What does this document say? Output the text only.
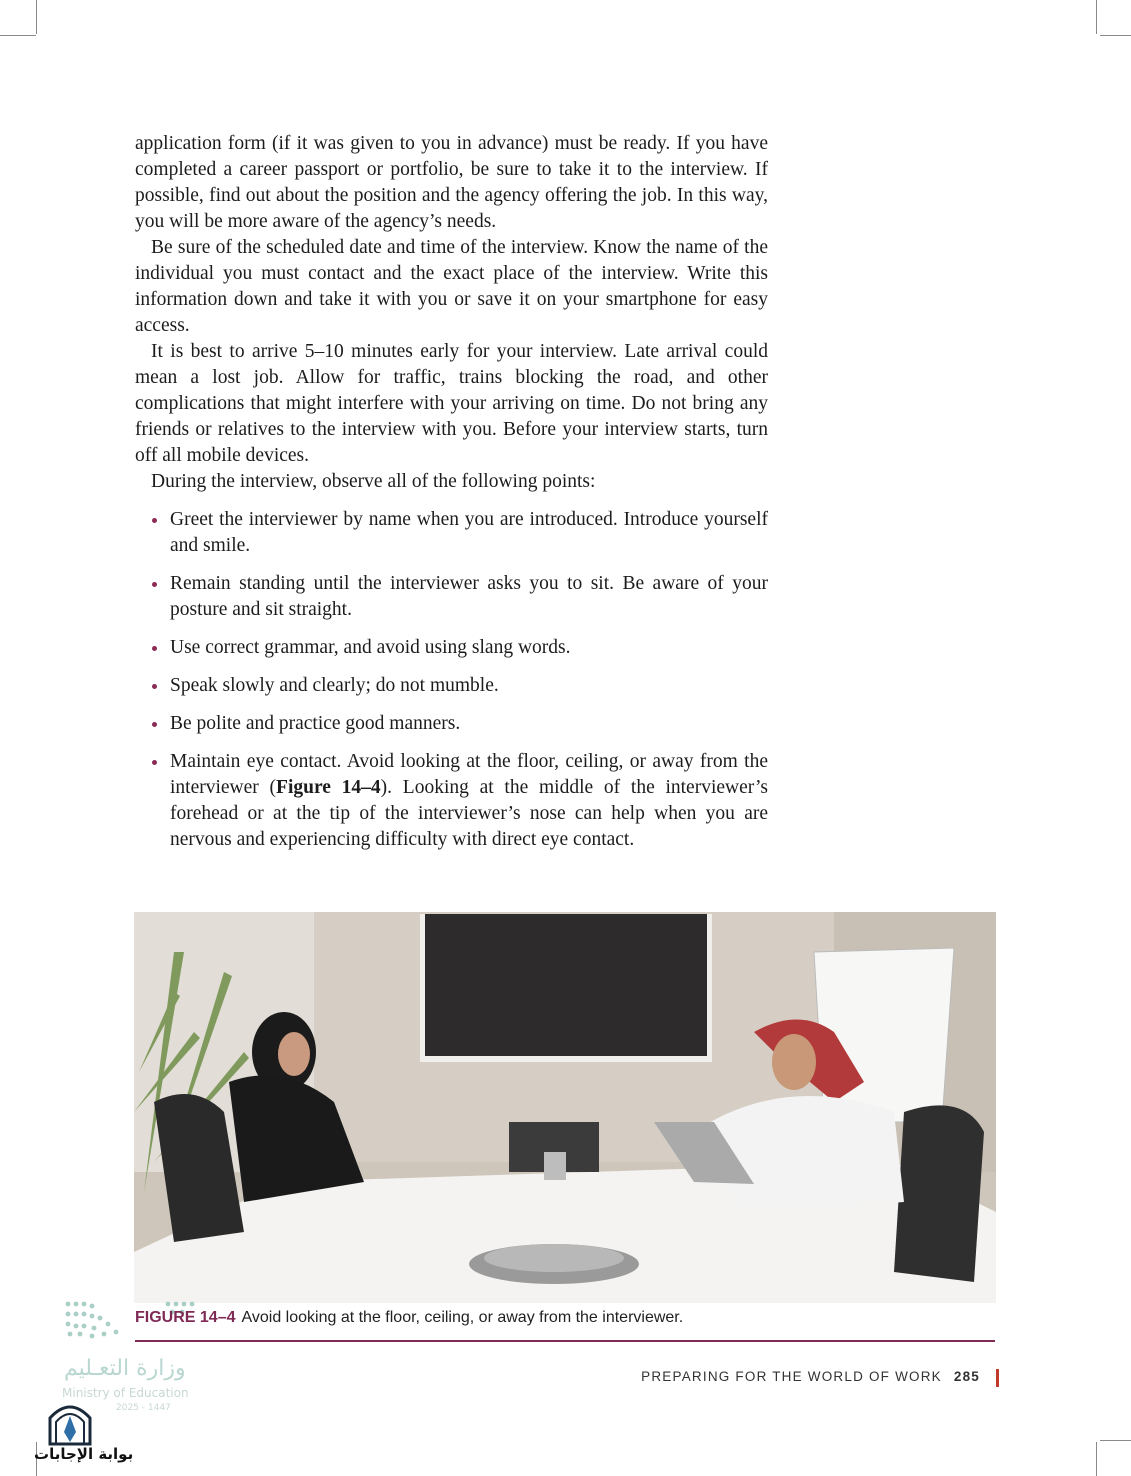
application form (if it was given to you in advance) must be ready. If you have completed a career passport or portfolio, be sure to take it to the interview. If possible, find out about the position and the agency offering the job. In this way, you will be more aware of the agency’s needs.

Be sure of the scheduled date and time of the interview. Know the name of the individual you must contact and the exact place of the interview. Write this information down and take it with you or save it on your smartphone for easy access.

It is best to arrive 5–10 minutes early for your interview. Late arrival could mean a lost job. Allow for traffic, trains blocking the road, and other complications that might interfere with your arriving on time. Do not bring any friends or relatives to the interview with you. Before your interview starts, turn off all mobile devices.

During the interview, observe all of the following points:

Greet the interviewer by name when you are introduced. Introduce yourself and smile.
Remain standing until the interviewer asks you to sit. Be aware of your posture and sit straight.
Use correct grammar, and avoid using slang words.
Speak slowly and clearly; do not mumble.
Be polite and practice good manners.
Maintain eye contact. Avoid looking at the floor, ceiling, or away from the interviewer (Figure 14–4). Looking at the middle of the interviewer’s forehead or at the tip of the interviewer’s nose can help when you are nervous and experiencing difficulty with direct eye contact.
FIGURE 14–4 Avoid looking at the floor, ceiling, or away from the interviewer.
PREPARING FOR THE WORLD OF WORK 285
وزارة التعـليم
Ministry of Education
2025 - 1447
بوابة الإجابات
